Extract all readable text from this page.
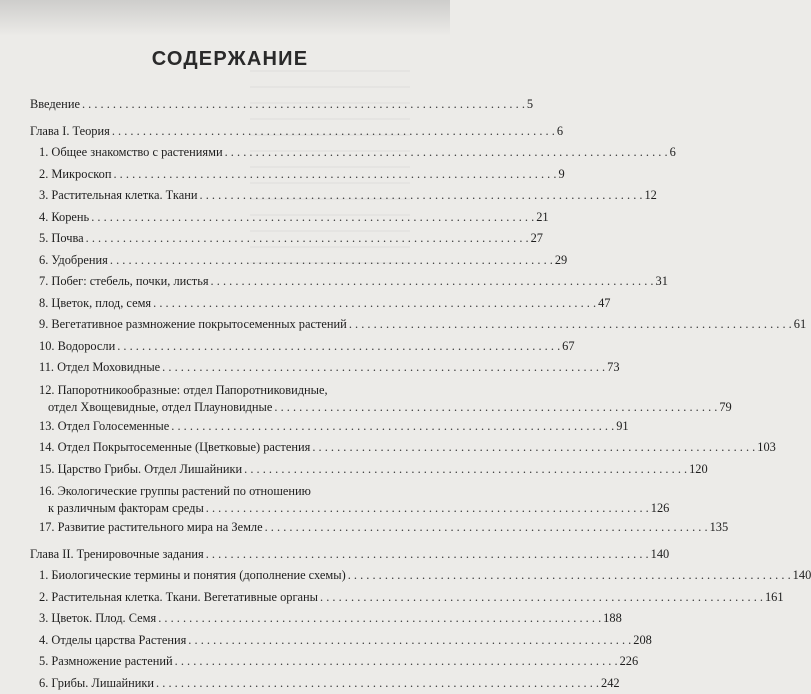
СОДЕРЖАНИЕ
Введение . . .	5
Глава I. Теория . . .	6
1. Общее знакомство с растениями . . .	6
2. Микроскоп . . .	9
3. Растительная клетка. Ткани . . .	12
4. Корень . . .	21
5. Почва . . .	27
6. Удобрения . . .	29
7. Побег: стебель, почки, листья . . .	31
8. Цветок, плод, семя . . .	47
9. Вегетативное размножение покрытосеменных растений . . .	61
10. Водоросли . . .	67
11. Отдел Моховидные . . .	73
12. Папоротникообразные: отдел Папоротниковидные,
отдел Хвощевидные, отдел Плауновидные . . .	79
13. Отдел Голосеменные . . .	91
14. Отдел Покрытосеменные (Цветковые) растения . . .	103
15. Царство Грибы. Отдел Лишайники . . .	120
16. Экологические группы растений по отношению
к различным факторам среды . . .	126
17. Развитие растительного мира на Земле . . .	135
Глава II. Тренировочные задания . . .	140
1. Биологические термины и понятия (дополнение схемы) . . .	140
2. Растительная клетка. Ткани. Вегетативные органы . . .	161
3. Цветок. Плод. Семя . . .	188
4. Отделы царства Растения . . .	208
5. Размножение растений . . .	226
6. Грибы. Лишайники . . .	242
